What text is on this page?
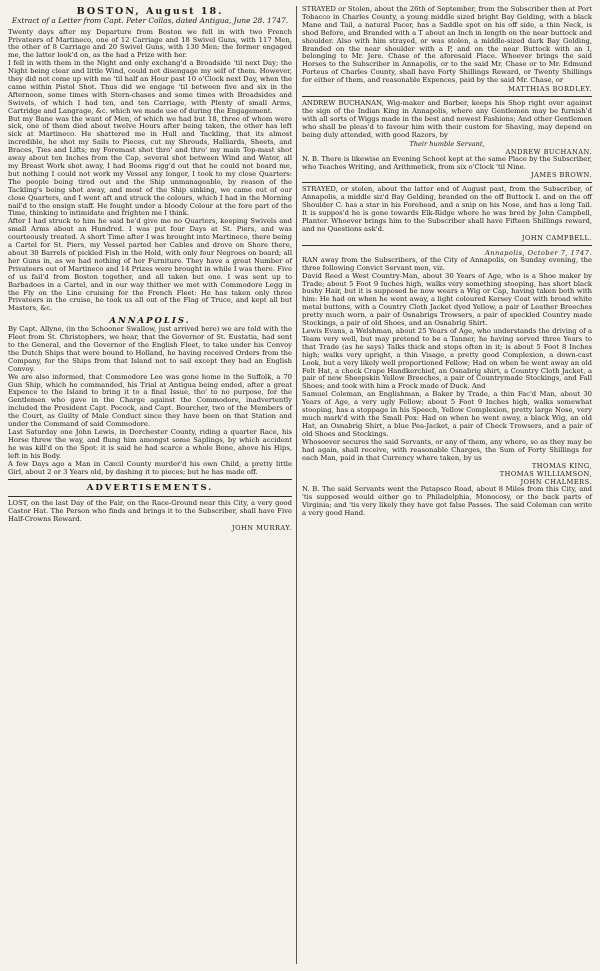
BOSTON, August 18.
Extract of a Letter from Capt. Peter Collas, dated Antigua, June 28. 1747.

Twenty days after my Departure from Boston we fell in with two French Privateers of Martineco, one of 12 Carriage and 18 Swivel Guns, with 117 Men, the other of 8 Carriage and 20 Swivel Guns, with 130 Men; the former engaged me, the latter look'd on, as the had a Prize with her.

I fell in with them in the Night and only exchang'd a Broadside 'til next Day; the Night being clear and little Wind, could not disengage my self of them. However, they did not come up with me 'til half an Hour past 10 o'Clock next Day, when the came within Pistol Shot. Thus did we engage 'til between five and six in the Afternoon, some times with Stern-chases and some times with Broadsides and Swivels, of which I had ten, and ten Carriage, with Plenty of small Arms, Cartridge and Langrage, &c. which we made use of during the Engagement.

But my Bane was the want of Men, of which we had but 18, three of whom were sick, one of them died about twelve Hours after being taken, the other has left sick at Martineco. He shattered me in Hull and Tackling, that its almost incredible, he shot my Sails to Pieces, cut my Shrouds, Halliards, Sheets, and Braces, Ties and Lifts; my Foremast shot thro' and thro' my main Top-mast shot away about ten Inches from the Cap, several shot between Wind and Water, all my Breast Work shot away, I had Booms rigg'd out that he could not board me, but nothing I could not work my Vessel any longer, I took to my close Quarters: The people being tired out and the Ship unmanageable, by reason of the Tackling's being shot away, and most of the Ship sinking, we came out of our close Quarters, and I went aft and struck the colours, which I had in the Morning nail'd to the ensign staff. He fought under a bloody Colour at the fore part of the Time, thinking to intimidate and frighten me I think.

After I had struck to him he said he'd give me no Quarters, keeping Swivels and small Arms about an Hundred. I was put four Days at St. Piers, and was courteously treated. A short Time after I was brought into Martineco, there being a Cartel for St. Piers, my Vessel parted her Cables and drove on Shore there, about 30 Barrels of pickled Fish in the Hold, with only four Negroes on board; all her Guns in, as we had nothing of her Furniture. They have a great Number of Privateers out of Martineco and 14 Prizes were brought in while I was there. Five of us fail'd from Boston together, and all taken but one. I was sent up to Barbadoes in a Cartel, and in our way thither we met with Commodore Legg in the Fly on the Line cruising for the French Fleet: He has taken only three Privateers in the cruise, he took us all out of the Flag of Truce, and kept all but Masters, &c.

ANNAPOLIS.

By Capt. Allyne, (in the Schooner Swallow, just arrived here) we are told with the Fleet from St. Christophers, we hear, that the Governor of St. Eustatia, had sent to the General, and the Governor of the English Fleet, to take under his Convoy the Dutch Ships that were bound to Holland, he having received Orders from the Company, for the Ships from that Island not to sail except they had an English Convoy.

We are also informed, that Commodore Lee was gone home in the Suffolk, a 70 Gun Ship, which he commanded, his Trial at Antigua being ended, after a great Expence to the Island to bring it to a final Issue, tho' to no purpose, for the Gentlemen who gave in the Charge against the Commodore, inadvertently included the President Capt. Pocock, and Capt. Bourcher, two of the Members of the Court, as Guilty of Male Conduct since they have been on that Station and under the Command of said Commodore.

Last Saturday one John Lewis, in Dorchester County, riding a quarter Race, his Horse threw the way, and flung him amongst some Saplings, by which accident he was kill'd on the Spot: it is said he had scarce a whole Bone, above his Hips, left in his Body.

A few Days ago a Man in Cæcil County murder'd his own Child, a pretty little Girl, about 2 or 3 Years old, by dashing it to pieces; but he has made off.

ADVERTISEMENTS.

LOST, on the last Day of the Fair, on the Race-Ground near this City, a very good Castor Hat. The Person who finds and brings it to the Subscriber, shall have Five Half-Crowns Reward.

JOHN MURRAY.

STRAYED or Stolen, about the 26th of September, from the Subscriber then at Port Tobacco in Charles County, a young middle sized bright Bay Gelding, with a black Mane and Tail, a natural Pacer, has a Saddle spot on his off side, a thin Neck, is shod Before, and Branded with a T about an Inch in length on the near buttock and shoulder. Also with him strayed, or was stolen, a middle-sized dark Bay Gelding, Branded on the near shoulder with a P, and on the near Buttock with an I, belonging to Mr. Jere. Chase of the aforesaid Place. Whoever brings the said Horses to the Subscriber in Annapolis, or to the said Mr. Chase or to Mr. Edmund Porteus of Charles County, shall have Forty Shillings Reward, or Twenty Shillings for either of them, and reasonable Expences, paid by the said Mr. Chase, or

MATTHIAS BORDLEY.

ANDREW BUCHANAN, Wig-maker and Barber, keeps his Shop right over against the sign of the Indian King in Annapolis, where any Gentlemen may be furnish'd with all sorts of Wiggs made in the best and newest Fashions; And other Gentlemen who shall be pleas'd to favour him with their custom for Shaving, may depend on being duly attended, with good Razors, by

Their humble Servant,
ANDREW BUCHANAN.

N. B. There is likewise an Evening School kept at the same Place by the Subscriber, who Teaches Writing, and Arithmetick, from six o'Clock 'til Nine.

JAMES BROWN.

STRAYED, or stolen, about the latter end of August past, from the Subscriber, of Annapolis, a middle siz'd Bay Gelding, branded on the off Buttock I. and on the off Shoulder C. has a star in his Forehead, and a snip on his Nose, and has a long Tail. It is suppos'd he is gone towards Elk-Ridge where he was bred by John Campbell, Planter. Whoever brings him to the Subscriber shall have Fifteen Shillings reward, and no Questions ask'd.

JOHN CAMPBELL.
Annapolis, October 7, 1747.

RAN away from the Subscribers, of the City of Annapolis, on Sunday evening, the three following Convict Servant men, viz.

David Reed a West Country-Man, about 30 Years of Age, who is a Shoe maker by Trade; about 5 Foot 9 Inches high, walks very something stooping, has short black bushy Hair, but it is supposed he now wears a Wig or Cap, having taken both with him: He had on when he went away, a light coloured Kersey Coat with broad white metal buttons, with a Country Cloth Jacket dyed Yellow, a pair of Leather Breeches pretty much worn, a pair of Osnabrigs Trowsers, a pair of speckled Country made Stockings, a pair of old Shoes, and an Osnabrig Shirt.

Lewis Evans, a Welshman, about 25 Years of Age, who understands the driving of a Team very well, but may pretend to be a Tanner, he having served three Years to that Trade (as he says) Talks thick and stops often in it; is about 5 Foot 8 Inches high; walks very upright, a thin Visage, a pretty good Complexion, a down-cast Look, but a very likely well proportioned Fellow; Had on when he went away an old Felt Hat, a check Crape Handkerchief, an Osnabrig shirt, a Country Cloth Jacket, a pair of new Sheepskin Yellow Breeches, a pair of Countrymade Stockings, and Fall Shoes; and took with him a Frock made of Duck. And

Samuel Coleman, an Englishman, a Baker by Trade, a thin Fac'd Man, about 30 Years of Age, a very ugly Fellow; about 5 Foot 9 Inches high, walks somewhat stooping, has a stoppage in his Speech, Yellow Complexion, pretty large Nose, very much mark'd with the Small Pox: Had on when he went away, a black Wig, an old Hat, an Osnabrig Shirt, a blue Pea-Jacket, a pair of Check Trowsers, and a pair of old Shoes and Stockings.

Whosoever secures the said Servants, or any of them, any where, so as they may be had again, shall receive, with reasonable Charges, the Sum of Forty Shillings for each Man, paid in that Currency where taken, by us

THOMAS KING,
THOMAS WILLIAMSON,
JOHN CHALMERS.

N. B. The said Servants went the Patapsco Road, about 8 Miles from this City, and 'tis supposed would either go to Philadelphia, Monocosy, or the back parts of Virginia; and 'tis very likely they have got false Passes. The said Coleman can write a very good Hand.
